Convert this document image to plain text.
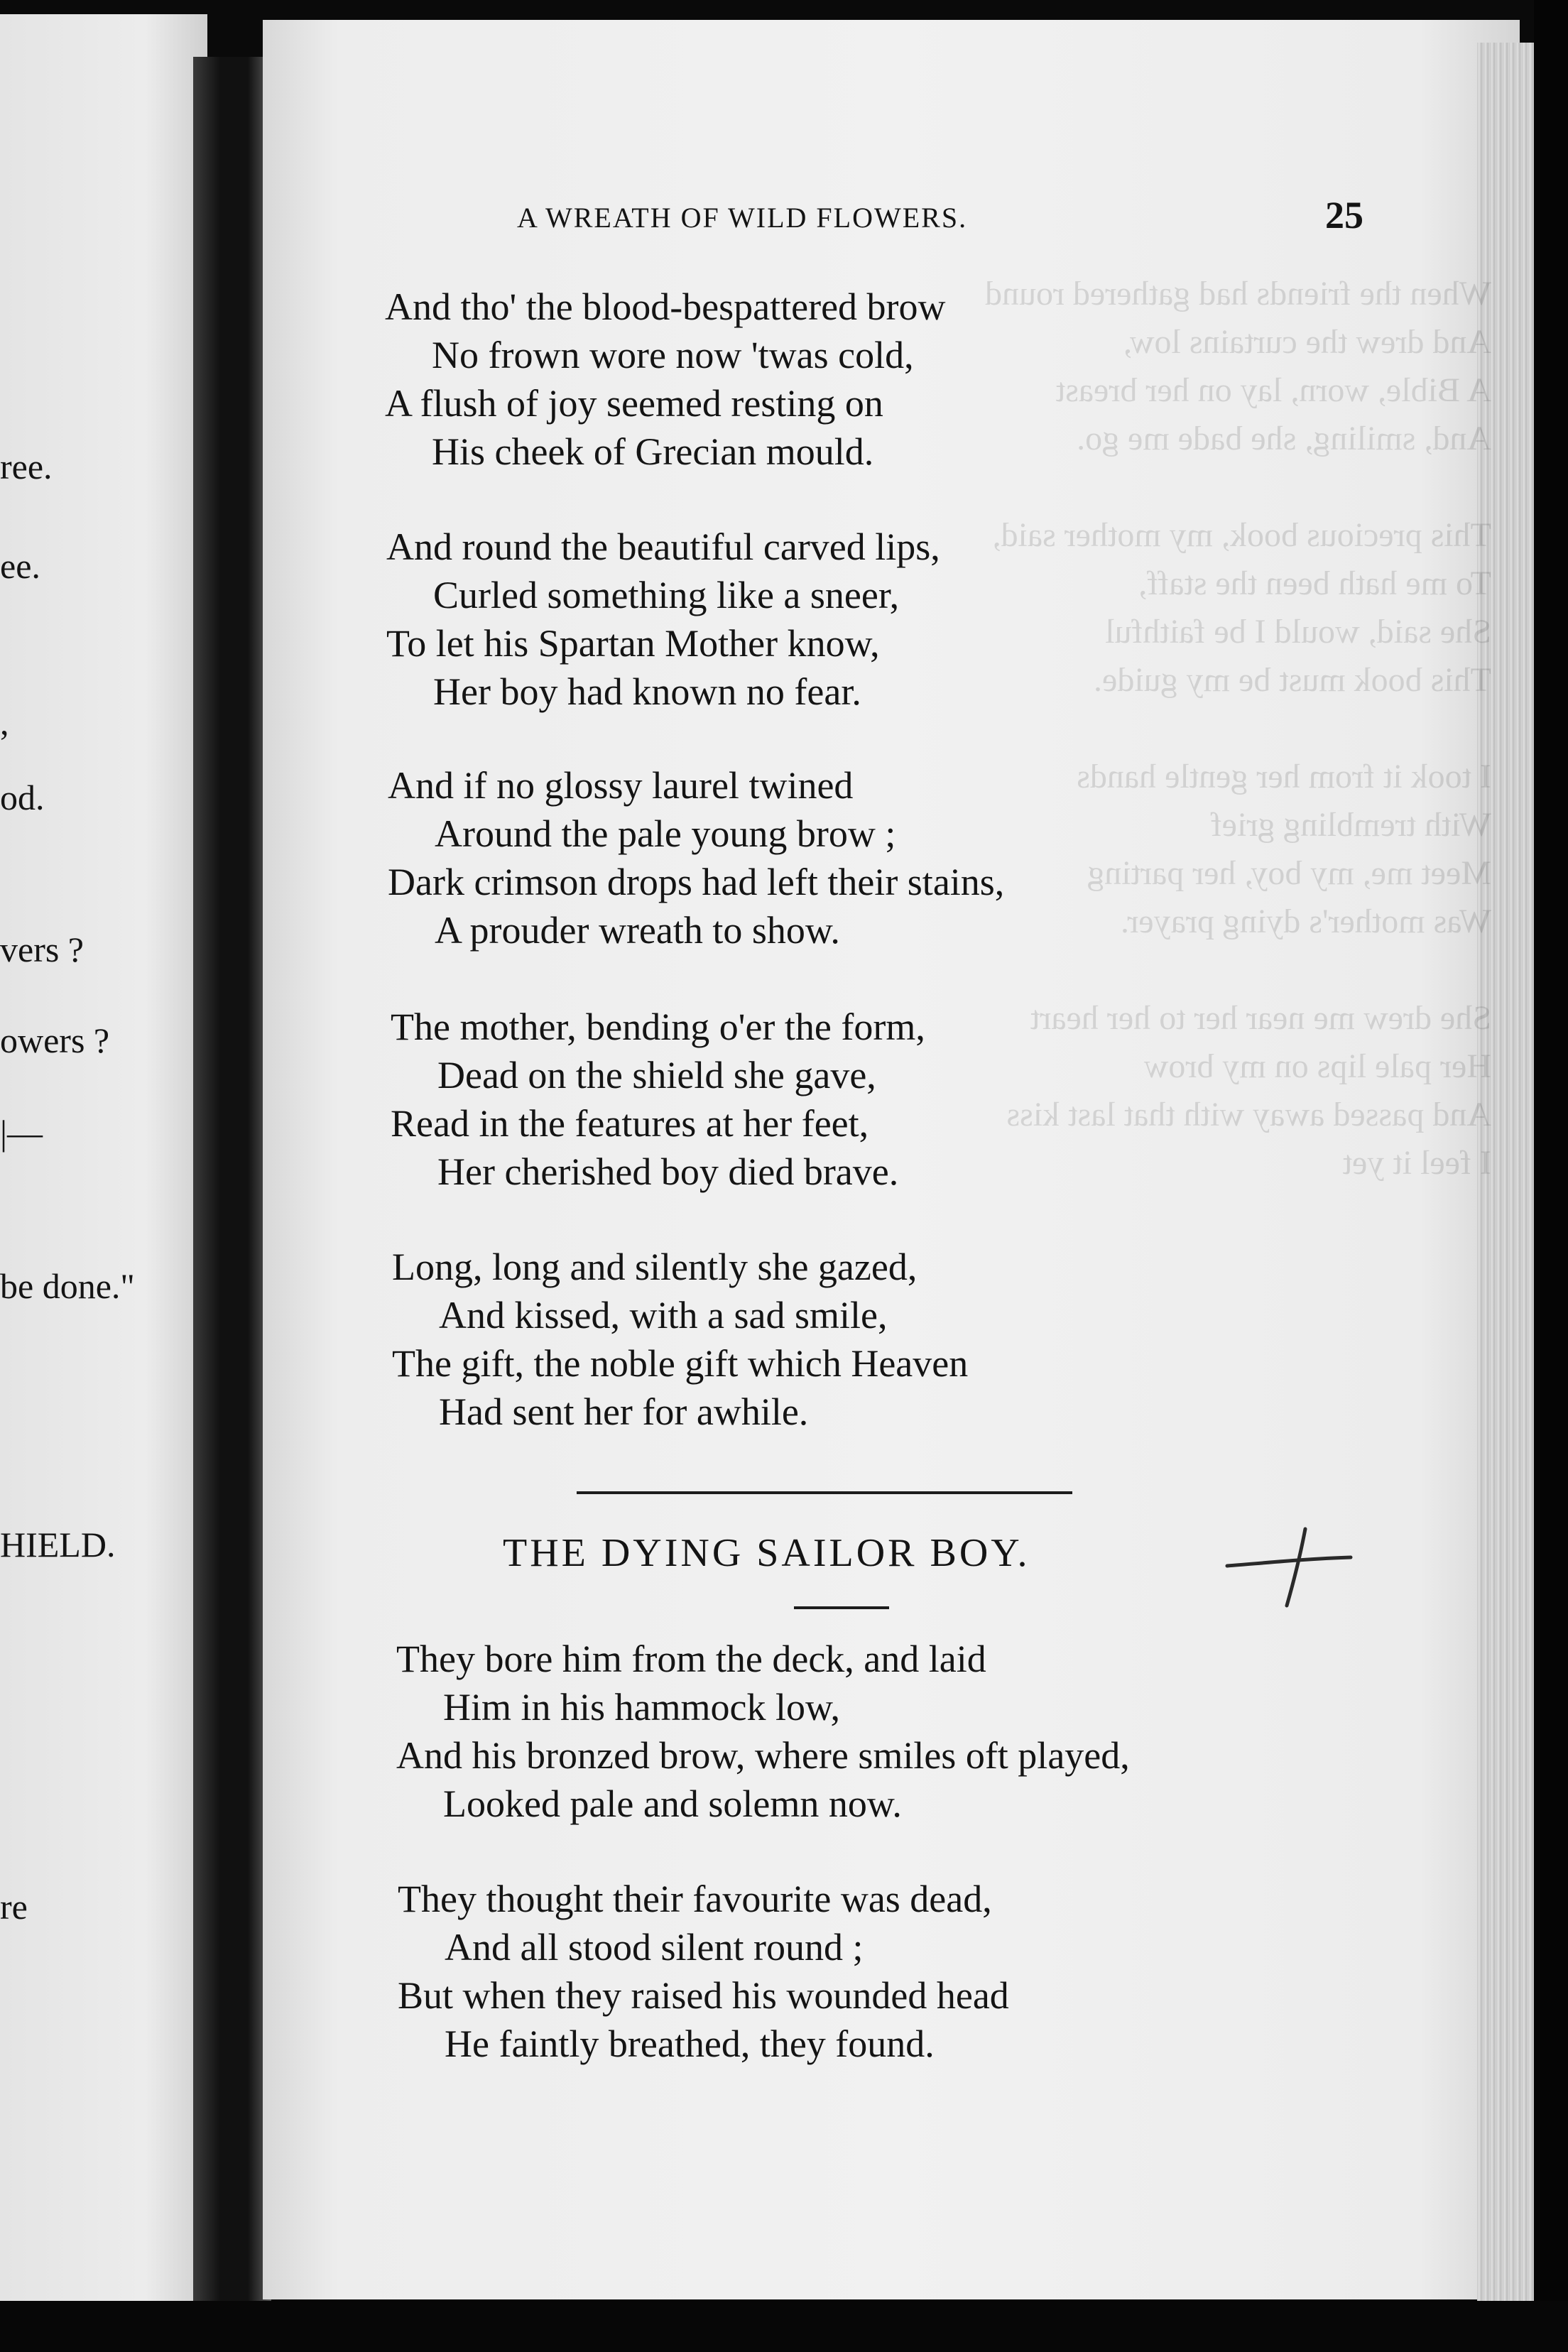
ree.
ee.
,
od.
vers ?
owers ?
|—
be done."
HIELD.
re
When the friends had gathered round
And drew the curtains low,
A Bible, worn, lay on her breast
And, smiling, she bade me go.
This precious book, my mother said,
To me hath been the staff,
She said, would I be faithful
This book must be my guide.
I took it from her gentle hands
With trembling grief
Meet me, my boy, her parting
Was mother's dying prayer.
She drew me near her to her heart
Her pale lips on my brow
And passed away with that last kiss
I feel it yet
A WREATH OF WILD FLOWERS.	25
And tho' the blood-bespattered brow
No frown wore now 'twas cold,
A flush of joy seemed resting on
His cheek of Grecian mould.
And round the beautiful carved lips,
Curled something like a sneer,
To let his Spartan Mother know,
Her boy had known no fear.
And if no glossy laurel twined
Around the pale young brow ;
Dark crimson drops had left their stains,
A prouder wreath to show.
The mother, bending o'er the form,
Dead on the shield she gave,
Read in the features at her feet,
Her cherished boy died brave.
Long, long and silently she gazed,
And kissed, with a sad smile,
The gift, the noble gift which Heaven
Had sent her for awhile.
THE DYING SAILOR BOY.
They bore him from the deck, and laid
Him in his hammock low,
And his bronzed brow, where smiles oft played,
Looked pale and solemn now.
They thought their favourite was dead,
And all stood silent round ;
But when they raised his wounded head
He faintly breathed, they found.
